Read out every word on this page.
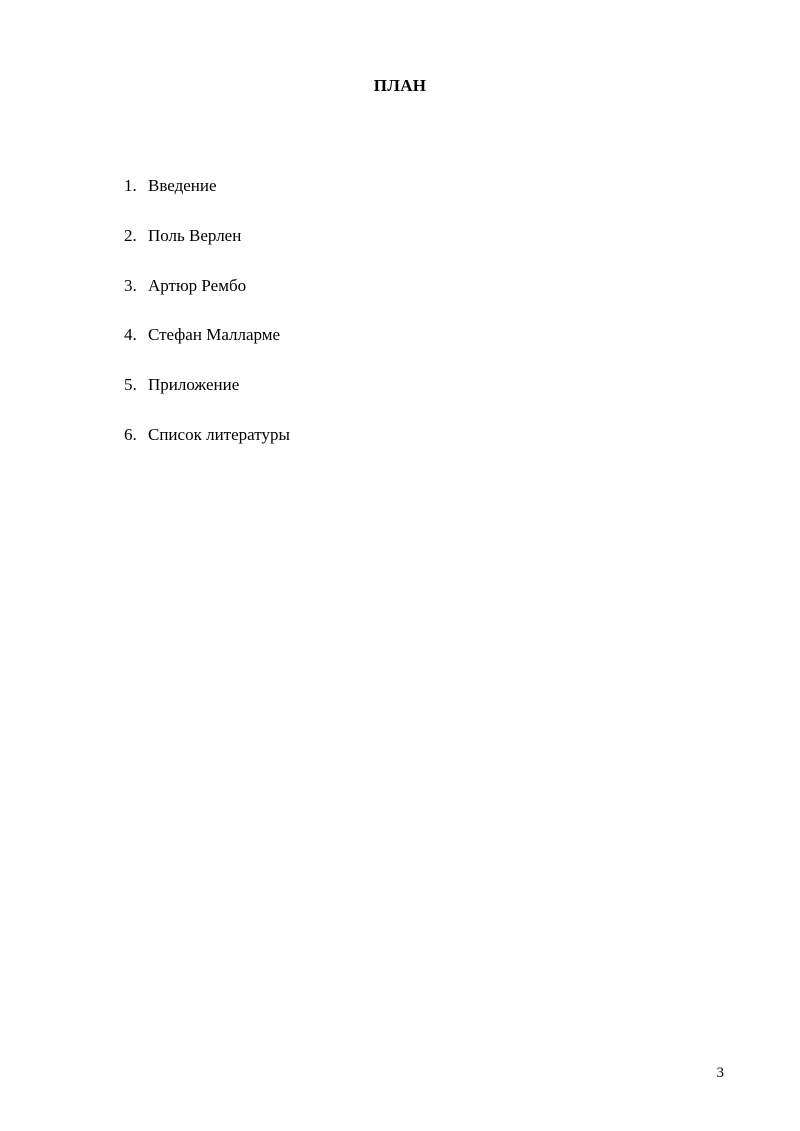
ПЛАН
1. Введение
2. Поль Верлен
3. Артюр Рембо
4. Стефан Малларме
5. Приложение
6. Список литературы
3
